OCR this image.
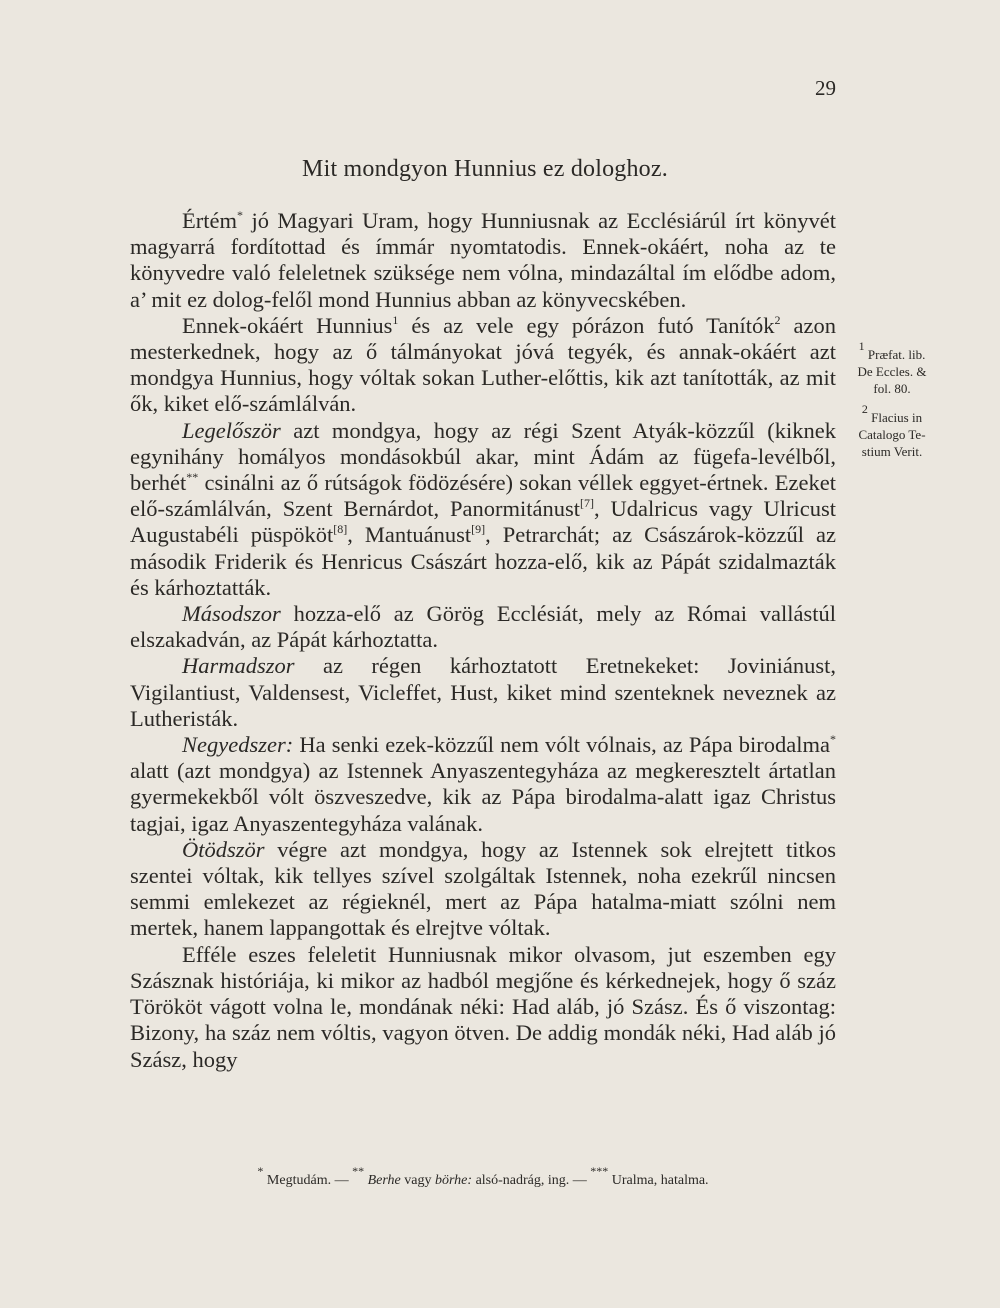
29
Mit mondgyon Hunnius ez dologhoz.

Értém* jó Magyari Uram, hogy Hunniusnak az Ecclésiárúl írt könyvét magyarrá fordítottad és ímmár nyomtatodis. Ennek-okáért, noha az te könyvedre való feleletnek szüksége nem vólna, mindazáltal ím elődbe adom, a’ mit ez dolog-felől mond Hunnius abban az könyvecskében.

Ennek-okáért Hunnius$^1$ és az vele egy pórázon futó Tanítók$^2$ azon mesterkednek, hogy az ő tálmányokat jóvá tegyék, és annak-okáért azt mondgya Hunnius, hogy vóltak sokan Luther-előttis, kik azt tanították, az mit ők, kiket elő-számlálván.

Legelőször azt mondgya, hogy az régi Szent Atyák-közzűl (kiknek egynihány homályos mondásokbúl akar, mint Ádám az fügefa-levélből, berhét** csinálni az ő rútságok födözésére) sokan véllek eggyet-értnek. Ezeket elő-számlálván, Szent Bernárdot, Panormitánust[7], Udalricus vagy Ulricust Augustabéli püspököt[8], Mantuánust[9], Petrarchát; az Császárok-közzűl az második Friderik és Henricus Császárt hozza-elő, kik az Pápát szidalmazták és kárhoztatták.

Másodszor hozza-elő az Görög Ecclésiát, mely az Római vallástúl elszakadván, az Pápát kárhoztatta.

Harmadszor az régen kárhoztatott Eretnekeket: Joviniánust, Vigilantiust, Valdensest, Vicleffet, Hust, kiket mind szenteknek neveznek az Lutheristák.

Negyedszer: Ha senki ezek-közzűl nem vólt vólnais, az Pápa birodalma* alatt (azt mondgya) az Istennek Anyaszentegyháza az megkeresztelt ártatlan gyermekekből vólt öszveszedve, kik az Pápa birodalma-alatt igaz Christus tagjai, igaz Anyaszentegyháza valának.

Ötödször végre azt mondgya, hogy az Istennek sok elrejtett titkos szentei vóltak, kik tellyes szível szolgáltak Istennek, noha ezekrűl nincsen semmi emlekezet az régieknél, mert az Pápa hatalma-miatt szólni nem mertek, hanem lappangottak és elrejtve vóltak.

Efféle eszes feleletit Hunniusnak mikor olvasom, jut eszemben egy Szásznak históriája, ki mikor az hadból megjőne és kérkednejek, hogy ő száz Törököt vágott volna le, mondának néki: Had aláb, jó Szász. És ő viszontag: Bizony, ha száz nem vóltis, vagyon ötven. De addig mondák néki, Had aláb jó Szász, hogy

$^1$ Præfat. lib.
De Eccles. &
fol. 80.
$^2$ Flacius in
Catalogo Te-
stium Verit.
* Megtudám. — ** Berhe vagy börhe: alsó-nadrág, ing. — *** Uralma, hatalma.
